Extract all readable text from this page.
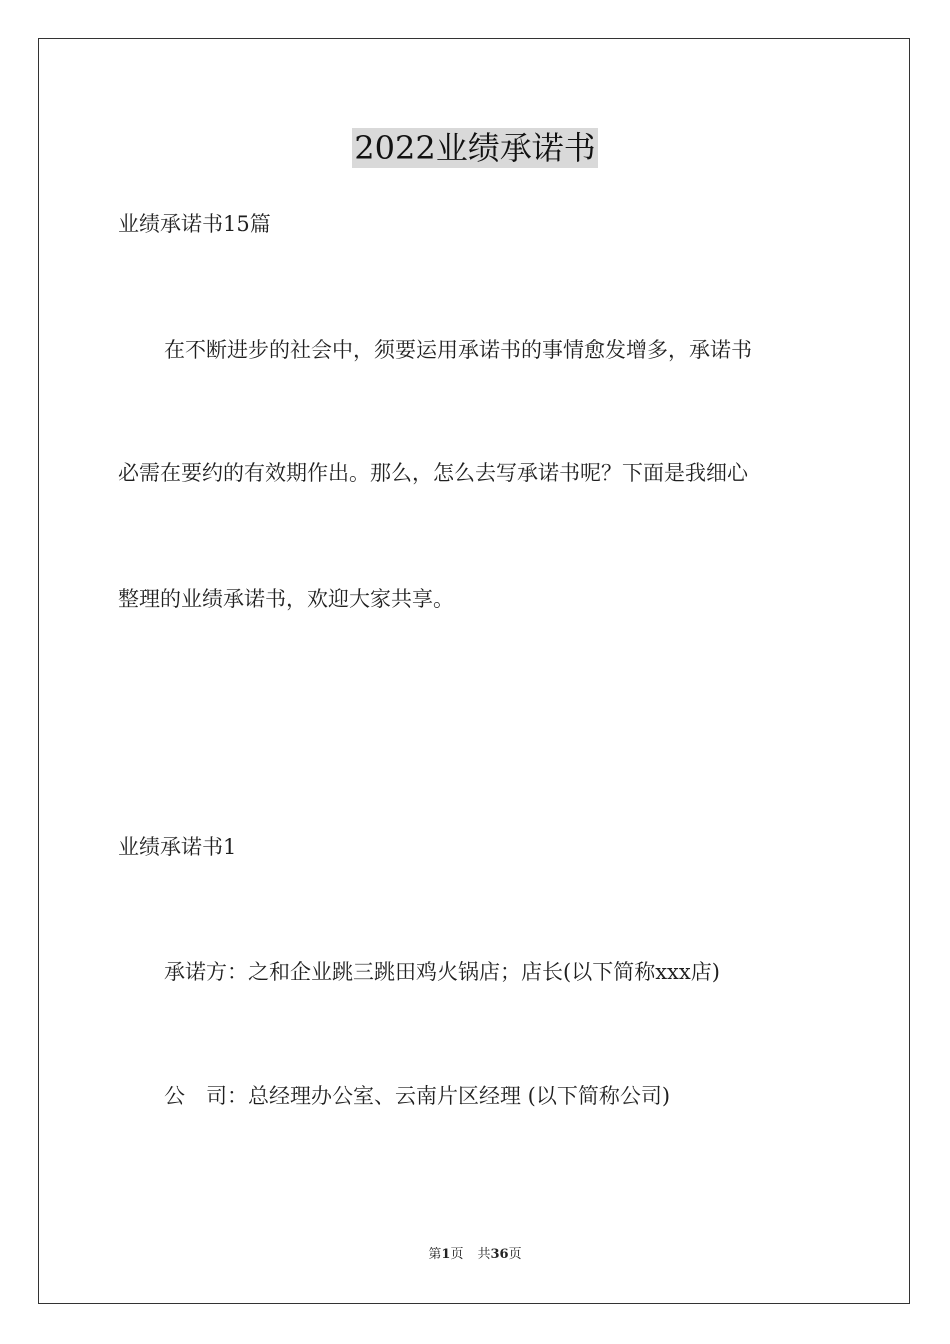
2022业绩承诺书
业绩承诺书15篇
在不断进步的社会中，须要运用承诺书的事情愈发增多，承诺书
必需在要约的有效期作出。那么，怎么去写承诺书呢？下面是我细心
整理的业绩承诺书，欢迎大家共享。
业绩承诺书1
承诺方：之和企业跳三跳田鸡火锅店；店长(以下简称xxx店)
公　司：总经理办公室、云南片区经理 (以下简称公司)
第1页 共36页
